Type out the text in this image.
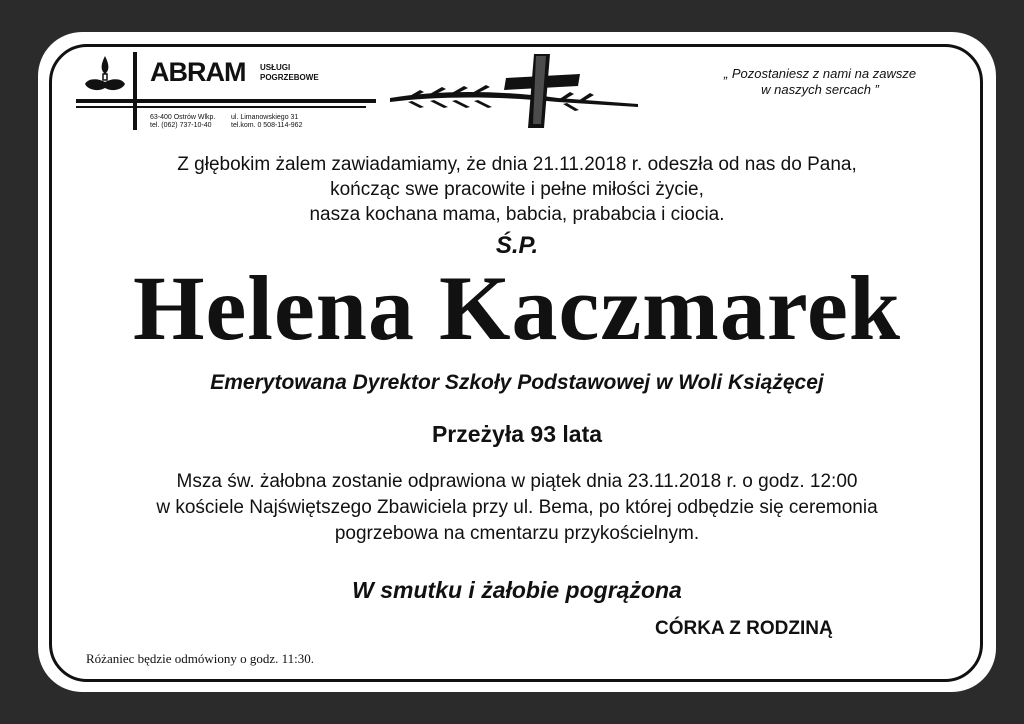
ABRAM USŁUGI
POGRZEBOWE
63-400 Ostrów Wlkp.
tel. (062) 737-10-40
ul. Limanowskiego 31
tel.kom. 0 508-114-962
„ Pozostaniesz z nami na zawsze
w naszych sercach ”
Z głębokim żalem zawiadamiamy, że dnia 21.11.2018 r. odeszła od nas do Pana,
kończąc swe pracowite i pełne miłości życie,
nasza kochana mama, babcia, prababcia i ciocia.
Ś.P.
Helena Kaczmarek
Emerytowana Dyrektor Szkoły Podstawowej w Woli Książęcej
Przeżyła 93 lata
Msza św. żałobna zostanie odprawiona w piątek dnia 23.11.2018 r. o godz. 12:00
w kościele Najświętszego Zbawiciela przy ul. Bema, po której odbędzie się ceremonia
pogrzebowa na cmentarzu przykościelnym.
W smutku i żałobie pogrążona
CÓRKA Z RODZINĄ
Różaniec będzie odmówiony o godz. 11:30.
